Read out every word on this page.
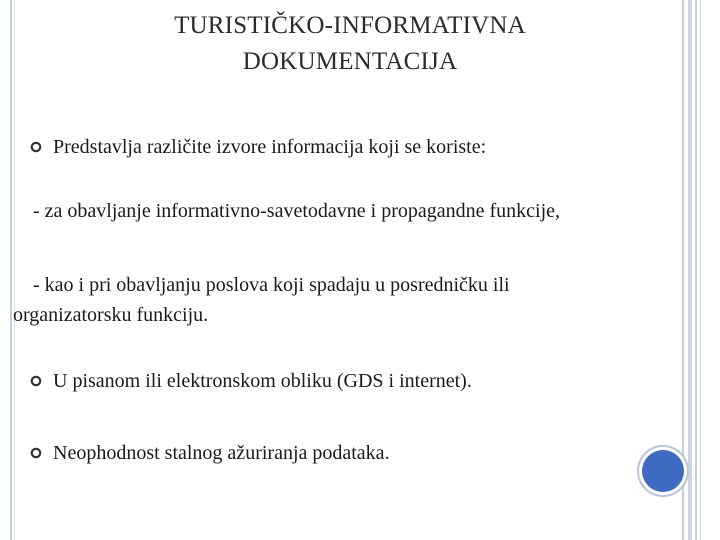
TURISTIČKO-INFORMATIVNA
DOKUMENTACIJA
Predstavlja različite izvore informacija koji se koriste:
- za obavljanje informativno-savetodavne i propagandne funkcije,
- kao i pri obavljanju poslova koji spadaju u posredničku ili
organizatorsku funkciju.
U pisanom ili elektronskom obliku (GDS i internet).
Neophodnost stalnog ažuriranja podataka.
